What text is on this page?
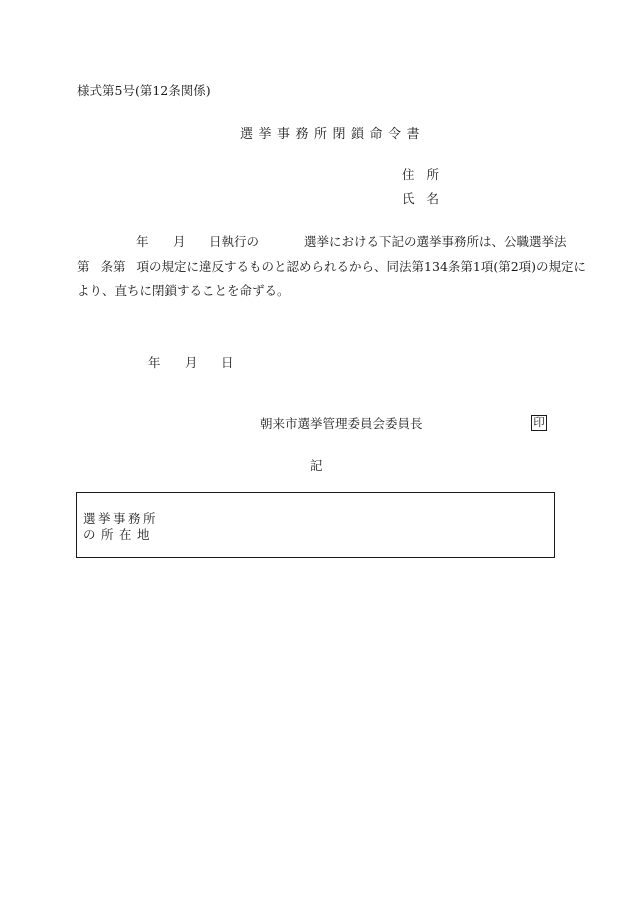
様式第5号(第12条関係)
選挙事務所閉鎖命令書
住所
氏名
年 月 日執行の	選挙における下記の選挙事務所は、公職選挙法
第 条第 項の規定に違反するものと認められるから、同法第134条第1項(第2項)の規定に
より、直ちに閉鎖することを命ずる。
年 月 日
朝来市選挙管理委員会委員長	印
記
選挙事務所
の所在地
